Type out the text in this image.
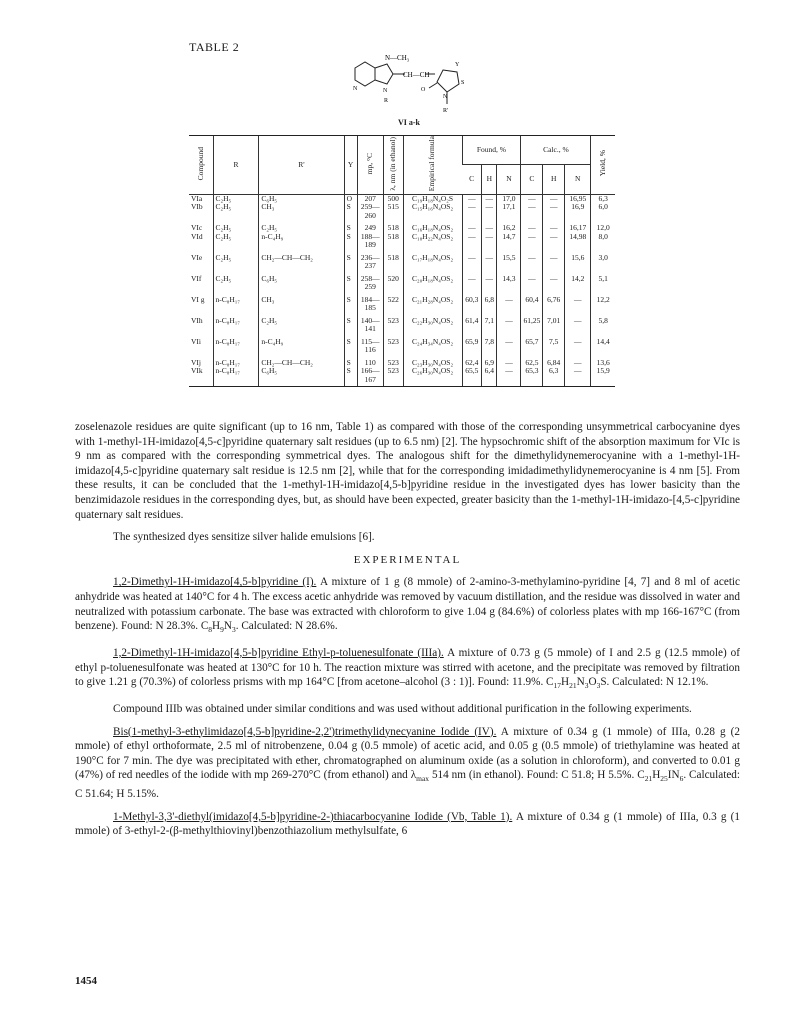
TABLE 2
N—CH₃
CH—CH
N	N
R
O
Y
S
N
R'
VI a-k
Compound	R	R'	Y	mp, °C	λ, nm (in ethanol)	Empirical formula	Found, %			Calc., %			Yield, %
							C	H	N	C	H	N	
VIa	C₂H₅	C₆H₅	O	207	500	C₁₉H₁₈N₄O₂S	—	—	17,0	—	—	16,95	6,3
VIb	C₂H₅	CH₃	S	259—260	515	C₁₅H₁₆N₄OS₂	—	—	17,1	—	—	16,9	6,0
VIc	C₂H₅	C₂H₅	S	249	518	C₁₆H₁₈N₄OS₂	—	—	16,2	—	—	16,17	12,0
VId	C₂H₅	n-C₄H₉	S	188—189	518	C₁₈H₂₂N₄OS₂	—	—	14,7	—	—	14,98	8,0
VIe	C₂H₅	CH₂—CH—CH₂	S	236—237	518	C₁₇H₁₈N₄OS₂	—	—	15,5	—	—	15,6	3,0
VIf	C₂H₅	C₆H₅	S	258—259	520	C₂₀H₁₈N₄OS₂	—	—	14,3	—	—	14,2	5,1
VI g	n-C₈H₁₇	CH₃	S	184—185	522	C₂₁H₂₈N₄OS₂	60,3	6,8	—	60,4	6,76	—	12,2
VIh	n-C₈H₁₇	C₂H₅	S	140—141	523	C₂₂H₃₀N₄OS₂	61,4	7,1	—	61,25	7,01	—	5,8
VIi	n-C₈H₁₇	n-C₄H₉	S	115—116	523	C₂₄H₃₄N₄OS₂	65,9	7,8	—	65,7	7,5	—	14,4
VIj	n-C₈H₁₇	CH₂—CH—CH₂	S	110	523	C₂₃H₃₀N₄OS₂	62,4	6,9	—	62,5	6,84	—	13,6
VIk	n-C₈H₁₇	C₆H₅	S	166—167	523	C₂₆H₃₀N₄OS₂	65,5	6,4	—	65,3	6,3	—	15,9

zoselenazole residues are quite significant (up to 16 nm, Table 1) as compared with those of the corresponding unsymmetrical carbocyanine dyes with 1-methyl-1H-imidazo[4,5-c]pyridine quaternary salt residues (up to 6.5 nm) [2]. The hypsochromic shift of the absorption maximum for VIc is 9 nm as compared with the corresponding symmetrical dyes. The analogous shift for the dimethylidynemerocyanine with a 1-methyl-1H-imidazo[4,5-c]pyridine quaternary salt residue is 12.5 nm [2], while that for the corresponding imidadimethylidynemerocyanine is 4 nm [5]. From these results, it can be concluded that the 1-methyl-1H-imidazo[4,5-b]pyridine residue in the investigated dyes has lower basicity than the benzimidazole residues in the corresponding dyes, but, as should have been expected, greater basicity than the 1-methyl-1H-imidazo-[4,5-c]pyridine quaternary salt residues.

The synthesized dyes sensitize silver halide emulsions [6].

EXPERIMENTAL

1,2-Dimethyl-1H-imidazo[4,5-b]pyridine (I). A mixture of 1 g (8 mmole) of 2-amino-3-methylamino-pyridine [4, 7] and 8 ml of acetic anhydride was heated at 140°C for 4 h. The excess acetic anhydride was removed by vacuum distillation, and the residue was dissolved in water and neutralized with potassium carbonate. The base was extracted with chloroform to give 1.04 g (84.6%) of colorless plates with mp 166-167°C (from benzene). Found: N 28.3%. $C_8H_9N_3$. Calculated: N 28.6%.

1,2-Dimethyl-1H-imidazo[4,5-b]pyridine Ethyl-p-toluenesulfonate (IIIa). A mixture of 0.73 g (5 mmole) of I and 2.5 g (12.5 mmole) of ethyl p-toluenesulfonate was heated at 130°C for 10 h. The reaction mixture was stirred with acetone, and the precipitate was removed by filtration to give 1.21 g (70.3%) of colorless prisms with mp 164°C [from acetone–alcohol (3 : 1)]. Found: 11.9%. $C_{17}H_{21}N_3O_3S$. Calculated: N 12.1%.

Compound IIIb was obtained under similar conditions and was used without additional purification in the following experiments.

Bis(1-methyl-3-ethylimidazo[4,5-b]pyridine-2,2')trimethylidynecyanine Iodide (IV). A mixture of 0.34 g (1 mmole) of IIIa, 0.28 g (2 mmole) of ethyl orthoformate, 2.5 ml of nitrobenzene, 0.04 g (0.5 mmole) of acetic acid, and 0.05 g (0.5 mmole) of triethylamine was heated at 190°C for 7 min. The dye was precipitated with ether, chromatographed on aluminum oxide (as a solution in chloroform), and converted to 0.01 g (47%) of red needles of the iodide with mp 269-270°C (from ethanol) and $\lambda_{max}$ 514 nm (in ethanol). Found: C 51.8; H 5.5%. $C_{21}H_{25}IN_6$. Calculated: C 51.64; H 5.15%.

1-Methyl-3,3'-diethyl(imidazo[4,5-b]pyridine-2-)thiacarbocyanine Iodide (Vb, Table 1). A mixture of 0.34 g (1 mmole) of IIIa, 0.3 g (1 mmole) of 3-ethyl-2-(β-methylthiovinyl)benzothiazolium methylsulfate, 6

1454
